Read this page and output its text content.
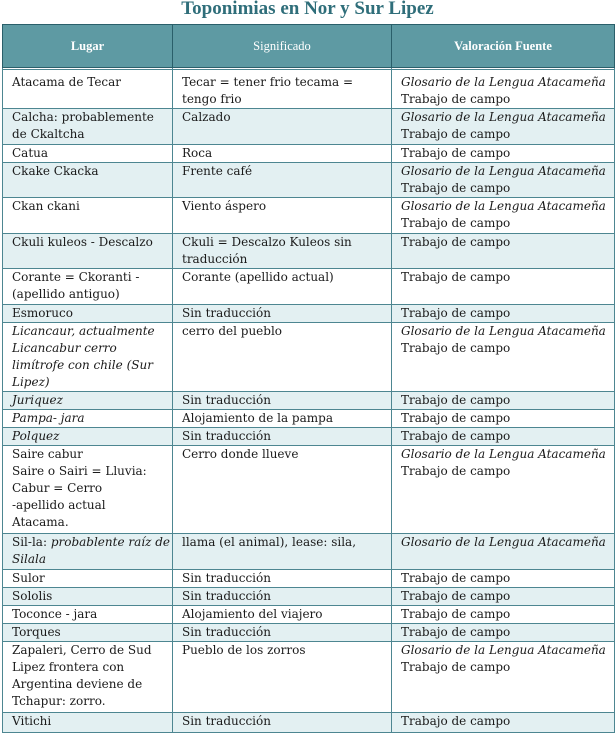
Toponimias en Nor y Sur Lipez
Lugar	Significado	Valoración Fuente

Atacama de Tecar	Tecar = tener frio tecama = tengo frio	Glosario de la Lengua Atacameña
Trabajo de campo

Calcha: probablemente de Ckaltcha	Calzado	Glosario de la Lengua Atacameña
Trabajo de campo

Catua	Roca	Trabajo de campo
Ckake Ckacka	Frente café	Glosario de la Lengua Atacameña
Trabajo de campo

Ckan ckani	Viento áspero	Glosario de la Lengua Atacameña
Trabajo de campo

Ckuli kuleos - Descalzo	Ckuli = Descalzo Kuleos sin traducción	Trabajo de campo
Corante = Ckoranti - (apellido antiguo)	Corante (apellido actual)	Trabajo de campo
Esmoruco	Sin traducción	Trabajo de campo
Licancaur, actualmente Licancabur cerro limítrofe con chile (Sur Lipez)	cerro del pueblo	Glosario de la Lengua Atacameña
Trabajo de campo

Juriquez	Sin traducción	Trabajo de campo
Pampa- jara	Alojamiento de la pampa	Trabajo de campo
Polquez	Sin traducción	Trabajo de campo
Saire cabur
Saire o Sairi = Lluvia:
Cabur = Cerro
-apellido actual
Atacama.	Cerro donde llueve	Glosario de la Lengua Atacameña
Trabajo de campo

Sil-la: probablente raíz de Silala	llama (el animal), lease: sila,	Glosario de la Lengua Atacameña
Sulor	Sin traducción	Trabajo de campo
Sololis	Sin traducción	Trabajo de campo
Toconce - jara	Alojamiento del viajero	Trabajo de campo
Torques	Sin traducción	Trabajo de campo
Zapaleri, Cerro de Sud Lipez frontera con Argentina deviene de Tchapur: zorro.	Pueblo de los zorros	Glosario de la Lengua Atacameña
Trabajo de campo

Vitichi	Sin traducción	Trabajo de campo
